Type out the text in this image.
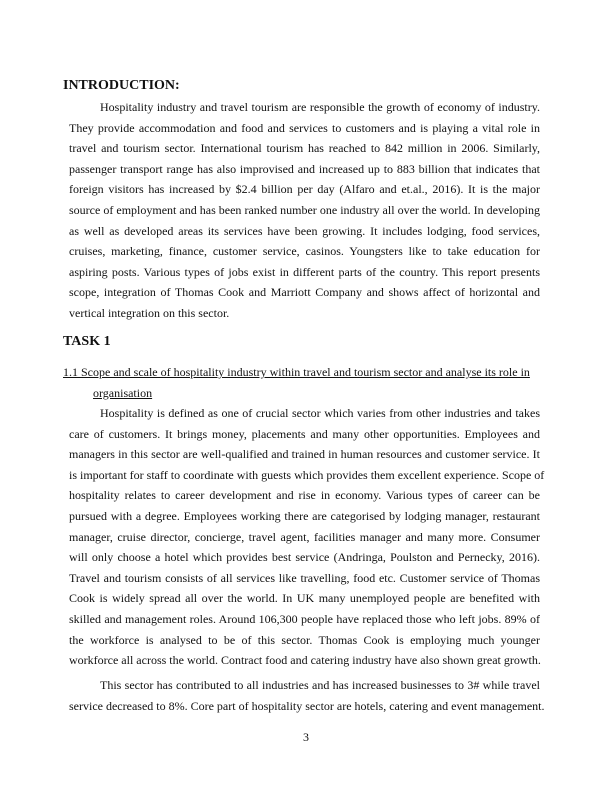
INTRODUCTION:
Hospitality industry and travel tourism are responsible the growth of economy of industry.
They provide accommodation and food and services to customers and is playing a vital role in
travel and tourism sector. International tourism has reached to 842 million in 2006. Similarly,
passenger transport range has also improvised and increased up to 883 billion that indicates that
foreign visitors has increased by $2.4 billion per day (Alfaro and et.al., 2016). It is the major
source of employment and has been ranked number one industry all over the world. In developing
as well as developed areas its services have been growing. It includes lodging, food services,
cruises, marketing, finance, customer service, casinos. Youngsters like to take education for
aspiring posts. Various types of jobs exist in different parts of the country. This report presents
scope, integration of Thomas Cook and Marriott Company and shows affect of horizontal and
vertical integration on this sector.
TASK 1
1.1 Scope and scale of hospitality industry within travel and tourism sector and analyse its role in
organisation
Hospitality is defined as one of crucial sector which varies from other industries and takes
care of customers. It brings money, placements and many other opportunities. Employees and
managers in this sector are well-qualified and trained in human resources and customer service. It
is important for staff to coordinate with guests which provides them excellent experience. Scope of
hospitality relates to career development and rise in economy. Various types of career can be
pursued with a degree. Employees working there are categorised by lodging manager, restaurant
manager, cruise director, concierge, travel agent, facilities manager and many more. Consumer
will only choose a hotel which provides best service (Andringa, Poulston and Pernecky, 2016).
Travel and tourism consists of all services like travelling, food etc. Customer service of Thomas
Cook is widely spread all over the world. In UK many unemployed people are benefited with
skilled and management roles. Around 106,300 people have replaced those who left jobs. 89% of
the workforce is analysed to be of this sector. Thomas Cook is employing much younger
workforce all across the world. Contract food and catering industry have also shown great growth.
This sector has contributed to all industries and has increased businesses to 3# while travel
service decreased to 8%. Core part of hospitality sector are hotels, catering and event management.
3
